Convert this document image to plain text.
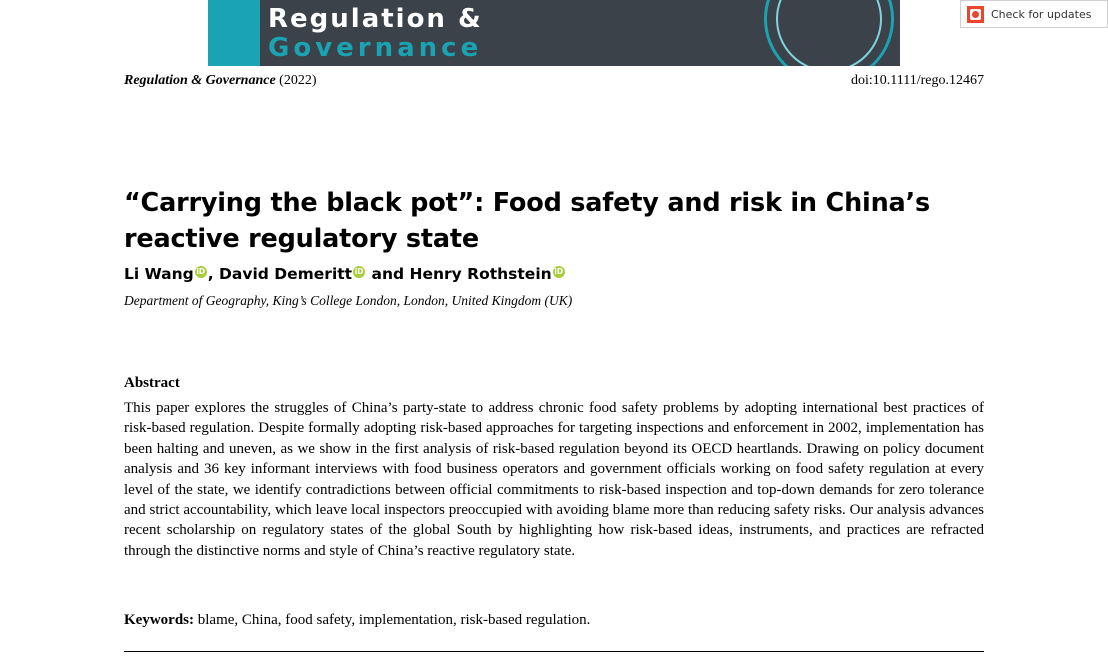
Regulation &
Governance
Check for updates
Regulation & Governance (2022)	doi:10.1111/rego.12467
“Carrying the black pot”: Food safety and risk in China’s reactive regulatory state
Li Wang iD , David DemerittiD and Henry RothsteiniD
Department of Geography, King’s College London, London, United Kingdom (UK)
Abstract
This paper explores the struggles of China’s party-state to address chronic food safety problems by adopting international best practices of risk-based regulation. Despite formally adopting risk-based approaches for targeting inspections and enforcement in 2002, implementation has been halting and uneven, as we show in the first analysis of risk-based regulation beyond its OECD heartlands. Drawing on policy document analysis and 36 key informant interviews with food business operators and government officials working on food safety regulation at every level of the state, we identify contradictions between official commitments to risk-based inspection and top-down demands for zero tolerance and strict accountability, which leave local inspectors preoccupied with avoiding blame more than reducing safety risks. Our analysis advances recent scholarship on regulatory states of the global South by highlighting how risk-based ideas, instruments, and practices are refracted through the distinctive norms and style of China’s reactive regulatory state.
Keywords: blame, China, food safety, implementation, risk-based regulation.
